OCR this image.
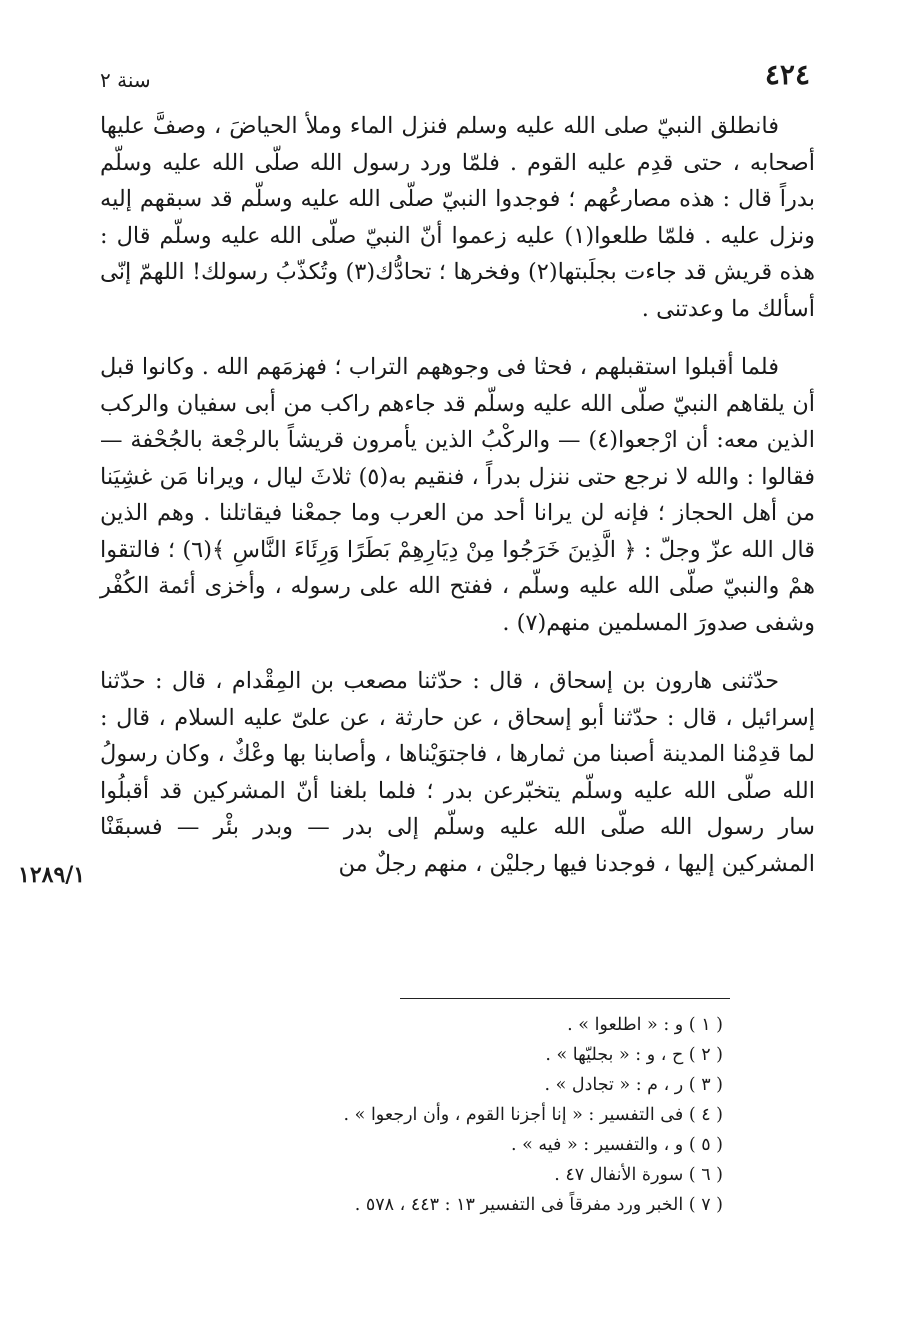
٤٢٤
سنة ٢

فانطلق النبيّ صلى الله عليه وسلم فنزل الماء وملأ الحياضَ ، وصفَّ عليها أصحابه ، حتى قدِم عليه القوم . فلمّا ورد رسول الله صلّى الله عليه وسلّم بدراً قال : هذه مصارعُهم ؛ فوجدوا النبيّ صلّى الله عليه وسلّم قد سبقهم إليه ونزل عليه . فلمّا طلعوا(١) عليه زعموا أنّ النبيّ صلّى الله عليه وسلّم قال : هذه قريش قد جاءت بجلَبتها(٢) وفخرها ؛ تحادُّك(٣) وتُكذّبُ رسولك! اللهمّ إنّى أسألك ما وعدتنى .

فلما أقبلوا استقبلهم ، فحثا فى وجوههم التراب ؛ فهزمَهم الله . وكانوا قبل أن يلقاهم النبيّ صلّى الله عليه وسلّم قد جاءهم راكب من أبى سفيان والركب الذين معه: أن ارْجعوا(٤) — والركْبُ الذين يأمرون قريشاً بالرجْعة بالجُحْفة — فقالوا : والله لا نرجع حتى ننزل بدراً ، فنقيم به(٥) ثلاثَ ليال ، ويرانا مَن غشِيَنا من أهل الحجاز ؛ فإنه لن يرانا أحد من العرب وما جمعْنا فيقاتلنا . وهم الذين قال الله عزّ وجلّ : ﴿ الَّذِينَ خَرَجُوا مِنْ دِيَارِهِمْ بَطَرًا وَرِئَاءَ النَّاسِ ﴾(٦) ؛ فالتقوا همْ والنبيّ صلّى الله عليه وسلّم ، ففتح الله على رسوله ، وأخزى أئمة الكُفْر وشفى صدورَ المسلمين منهم(٧) .

حدّثنى هارون بن إسحاق ، قال : حدّثنا مصعب بن المِقْدام ، قال : حدّثنا إسرائيل ، قال : حدّثنا أبو إسحاق ، عن حارثة ، عن علىّ عليه السلام ، قال : لما قدِمْنا المدينة أصبنا من ثمارها ، فاجتوَيْناها ، وأصابنا بها وعْكٌ ، وكان رسولُ الله صلّى الله عليه وسلّم يتخبّرعن بدر ؛ فلما بلغنا أنّ المشركين قد أقبلُوا سار رسول الله صلّى الله عليه وسلّم إلى بدر — وبدر بئْر — فسبقَنْا المشركين إليها ، فوجدنا فيها رجليْن ، منهم رجلٌ من

١٢٨٩/١
( ١ ) و : « اطلعوا » .
( ٢ ) ح ، و : « بجليّها » .
( ٣ ) ر ، م : « تجادل » .
( ٤ ) فى التفسير : « إنا أجزنا القوم ، وأن ارجعوا » .
( ٥ ) و ، والتفسير : « فيه » .
( ٦ ) سورة الأنفال ٤٧ .
( ٧ ) الخبر ورد مفرقاً فى التفسير ١٣ : ٤٤٣ ، ٥٧٨ .
